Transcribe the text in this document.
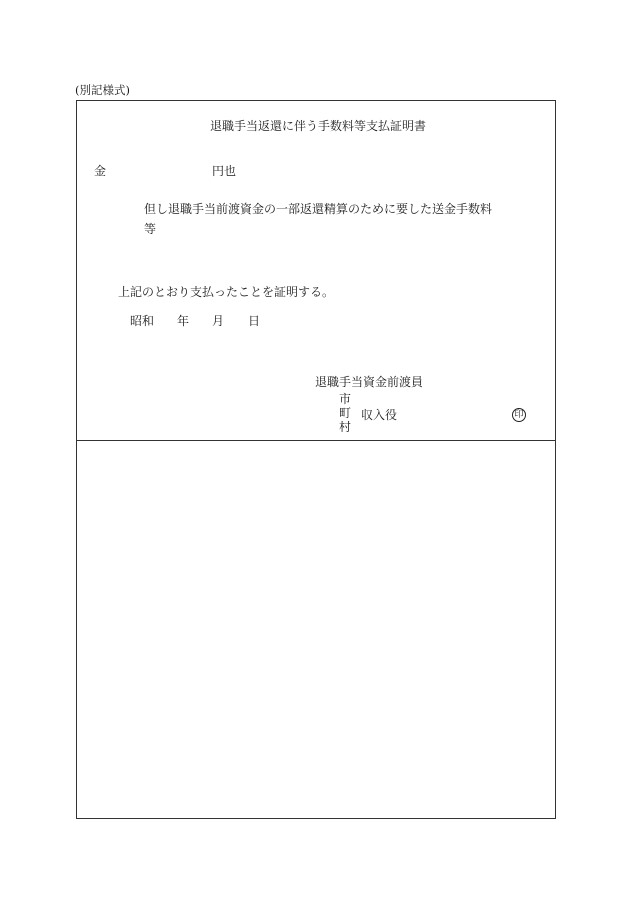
(別記様式)
退職手当返還に伴う手数料等支払証明書
金	円也
但し退職手当前渡資金の一部返還精算のために要した送金手数料
等
上記のとおり支払ったことを証明する。
昭和 年 月 日
退職手当資金前渡員
市
町
村
収入役	印
